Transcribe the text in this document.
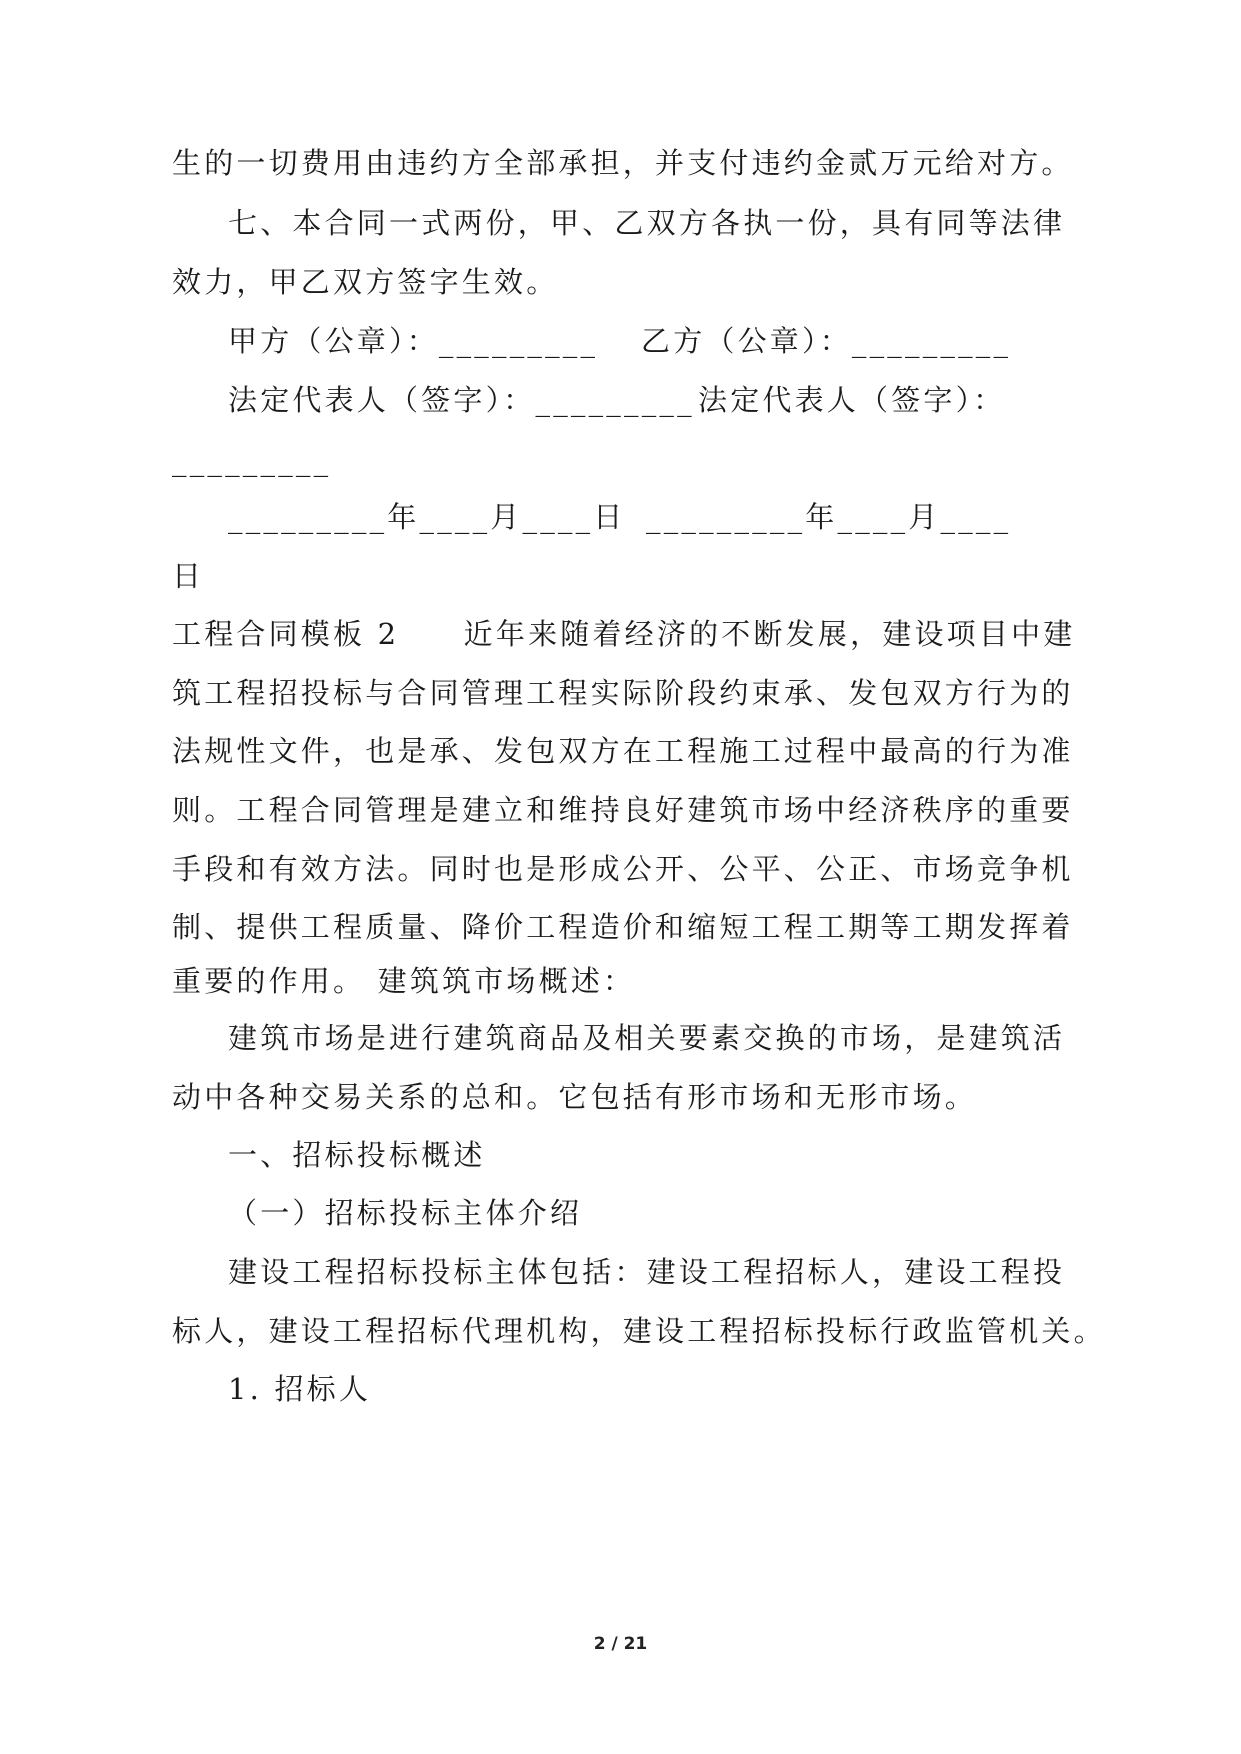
生的一切费用由违约方全部承担，并支付违约金贰万元给对方。
七、本合同一式两份，甲、乙双方各执一份，具有同等法律
效力，甲乙双方签字生效。
甲方（公章）：_________ 乙方（公章）：_________
法定代表人（签字）：_________ 法定代表人（签字）：
_________
_________年____月____日 _________年____月____
日
工程合同模板 2　　近年来随着经济的不断发展，建设项目中建
筑工程招投标与合同管理工程实际阶段约束承、发包双方行为的
法规性文件，也是承、发包双方在工程施工过程中最高的行为准
则。工程合同管理是建立和维持良好建筑市场中经济秩序的重要
手段和有效方法。同时也是形成公开、公平、公正、市场竞争机
制、提供工程质量、降价工程造价和缩短工程工期等工期发挥着
重要的作用。 建筑筑市场概述：
建筑市场是进行建筑商品及相关要素交换的市场，是建筑活
动中各种交易关系的总和。它包括有形市场和无形市场。
一、招标投标概述
（一）招标投标主体介绍
建设工程招标投标主体包括：建设工程招标人，建设工程投
标人，建设工程招标代理机构，建设工程招标投标行政监管机关。
1. 招标人
2 / 21
